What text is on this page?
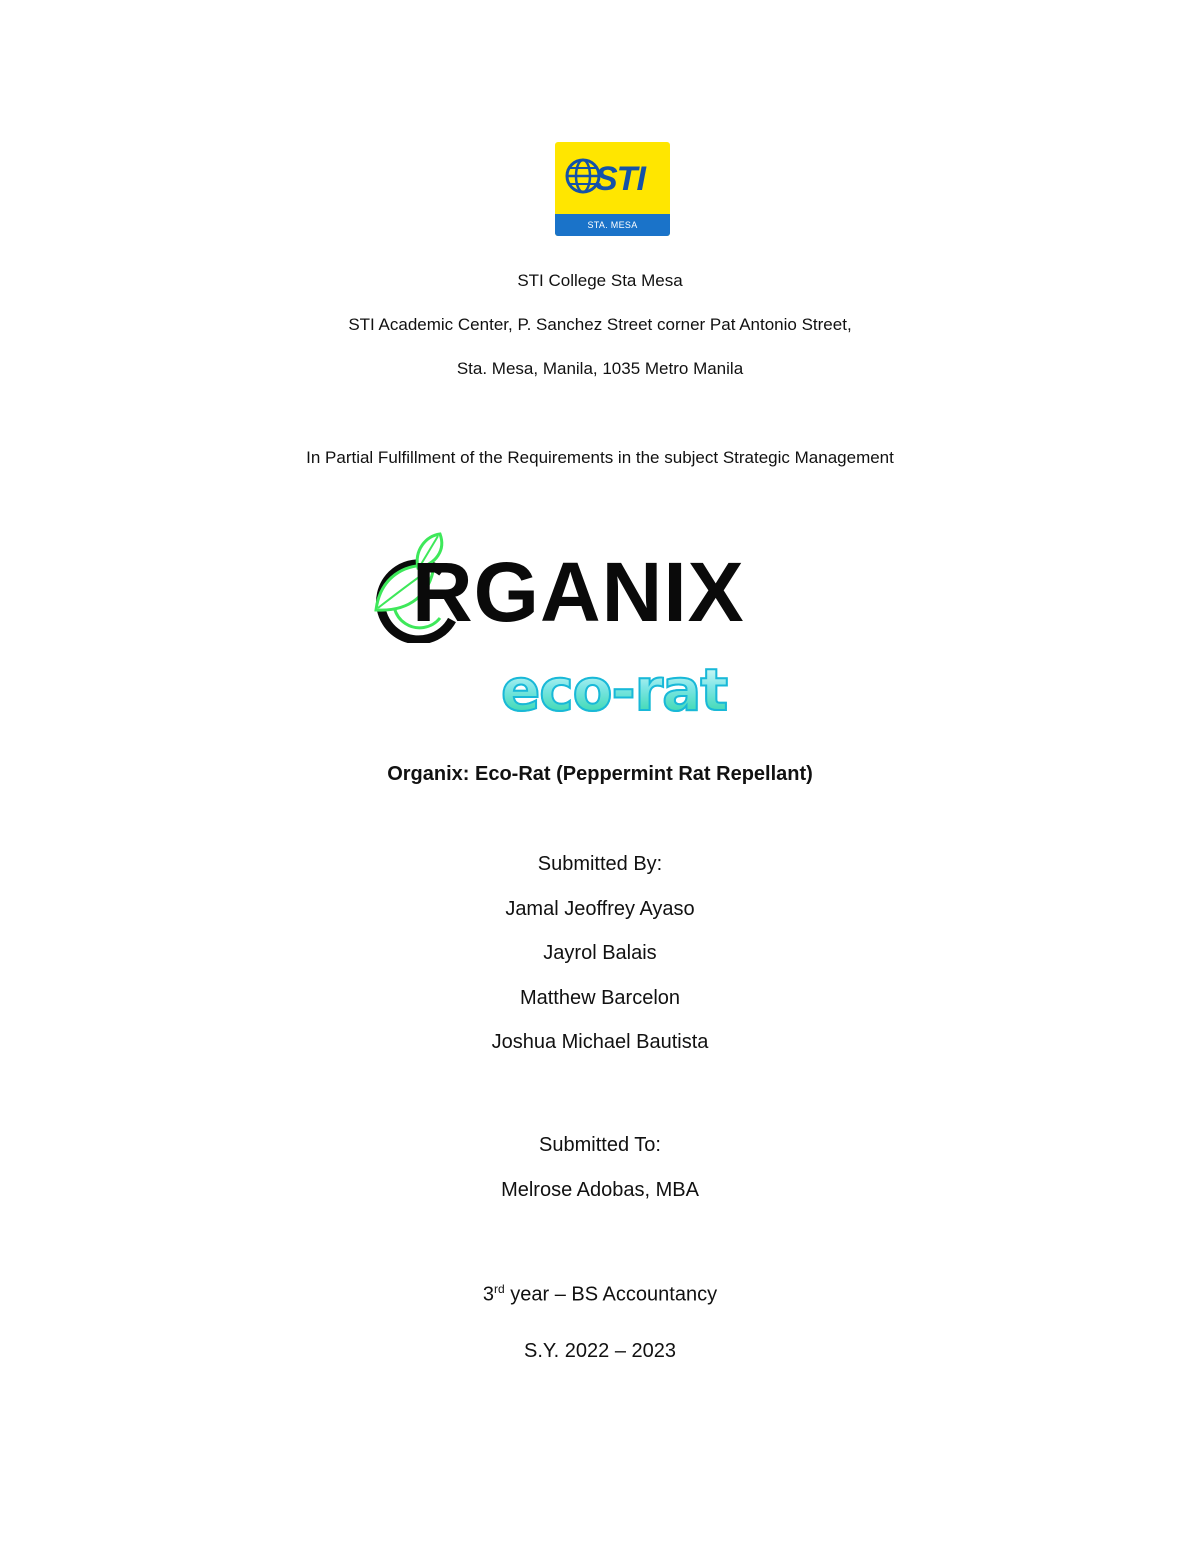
STI
STA. MESA
STI College Sta Mesa
STI Academic Center, P. Sanchez Street corner Pat Antonio Street,
Sta. Mesa, Manila, 1035 Metro Manila
In Partial Fulfillment of the Requirements in the subject Strategic Management
RGANIX
eco-rat
Organix: Eco-Rat (Peppermint Rat Repellant)
Submitted By:
Jamal Jeoffrey Ayaso
Jayrol Balais
Matthew Barcelon
Joshua Michael Bautista
Submitted To:
Melrose Adobas, MBA
3rd year – BS Accountancy
S.Y. 2022 – 2023
